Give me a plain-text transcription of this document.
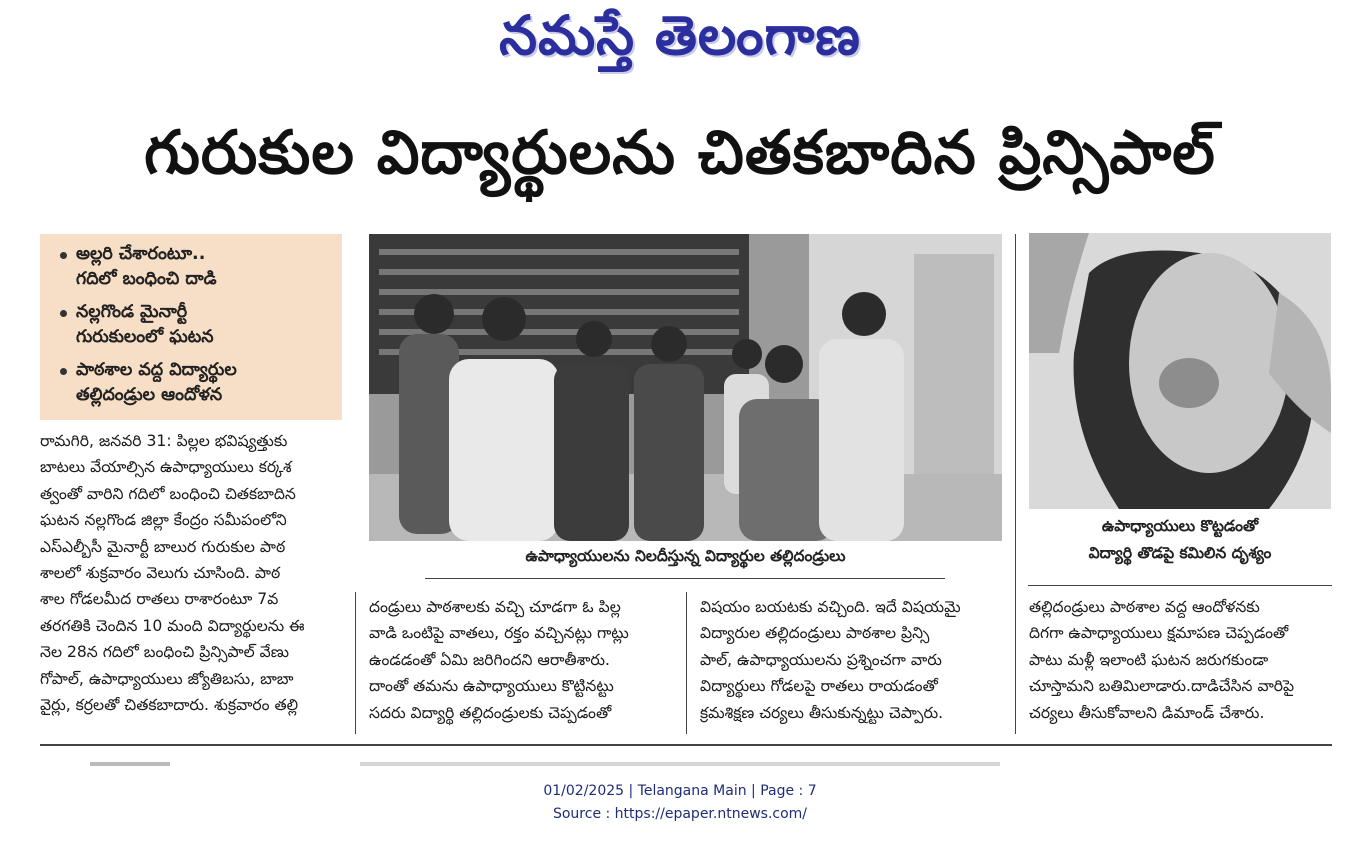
నమస్తే తెలంగాణ
గురుకుల విద్యార్థులను చితకబాదిన ప్రిన్సిపాల్
అల్లరి చేశారంటూ..
గదిలో బంధించి దాడి
నల్లగొండ మైనార్టీ
గురుకులంలో ఘటన
పాఠశాల వద్ద విద్యార్థుల
తల్లిదండ్రుల ఆందోళన
రామగిరి, జనవరి 31: పిల్లల భవిష్యత్తుకు
బాటలు వేయాల్సిన ఉపాధ్యాయులు కర్కశ
త్వంతో వారిని గదిలో బంధించి చితకబాదిన
ఘటన నల్లగొండ జిల్లా కేంద్రం సమీపంలోని
ఎస్ఎల్బీసీ మైనార్టీ బాలుర గురుకుల పాఠ
శాలలో శుక్రవారం వెలుగు చూసింది. పాఠ
శాల గోడలమీద రాతలు రాశారంటూ 7వ
తరగతికి చెందిన 10 మంది విద్యార్థులను ఈ
నెల 28న గదిలో బంధించి ప్రిన్సిపాల్ వేణు
గోపాల్, ఉపాధ్యాయులు జ్యోతిబసు, బాబా
వైర్లు, కర్రలతో చితకబాదారు. శుక్రవారం తల్లి
ఉపాధ్యాయులను నిలదీస్తున్న విద్యార్థుల తల్లిదండ్రులు
ఉపాధ్యాయులు కొట్టడంతో
విద్యార్థి తొడపై కమిలిన దృశ్యం
దండ్రులు పాఠశాలకు వచ్చి చూడగా ఓ పిల్ల
వాడి ఒంటిపై వాతలు, రక్తం వచ్చినట్లు గాట్లు
ఉండడంతో ఏమి జరిగిందని ఆరాతీశారు.
దాంతో తమను ఉపాధ్యాయులు కొట్టినట్టు
సదరు విద్యార్థి తల్లిదండ్రులకు చెప్పడంతో
విషయం బయటకు వచ్చింది. ఇదే విషయమై
విద్యారుల తల్లిదండ్రులు పాఠశాల ప్రిన్సి
పాల్, ఉపాధ్యాయులను ప్రశ్నించగా వారు
విద్యార్థులు గోడలపై రాతలు రాయడంతో
క్రమశిక్షణ చర్యలు తీసుకున్నట్టు చెప్పారు.
తల్లిదండ్రులు పాఠశాల వద్ద ఆందోళనకు
దిగగా ఉపాధ్యాయులు క్షమాపణ చెప్పడంతో
పాటు మళ్లీ ఇలాంటి ఘటన జరుగకుండా
చూస్తామని బతిమిలాడారు.దాడిచేసిన వారిపై
చర్యలు తీసుకోవాలని డిమాండ్ చేశారు.
01/02/2025 | Telangana Main | Page : 7
Source : https://epaper.ntnews.com/
